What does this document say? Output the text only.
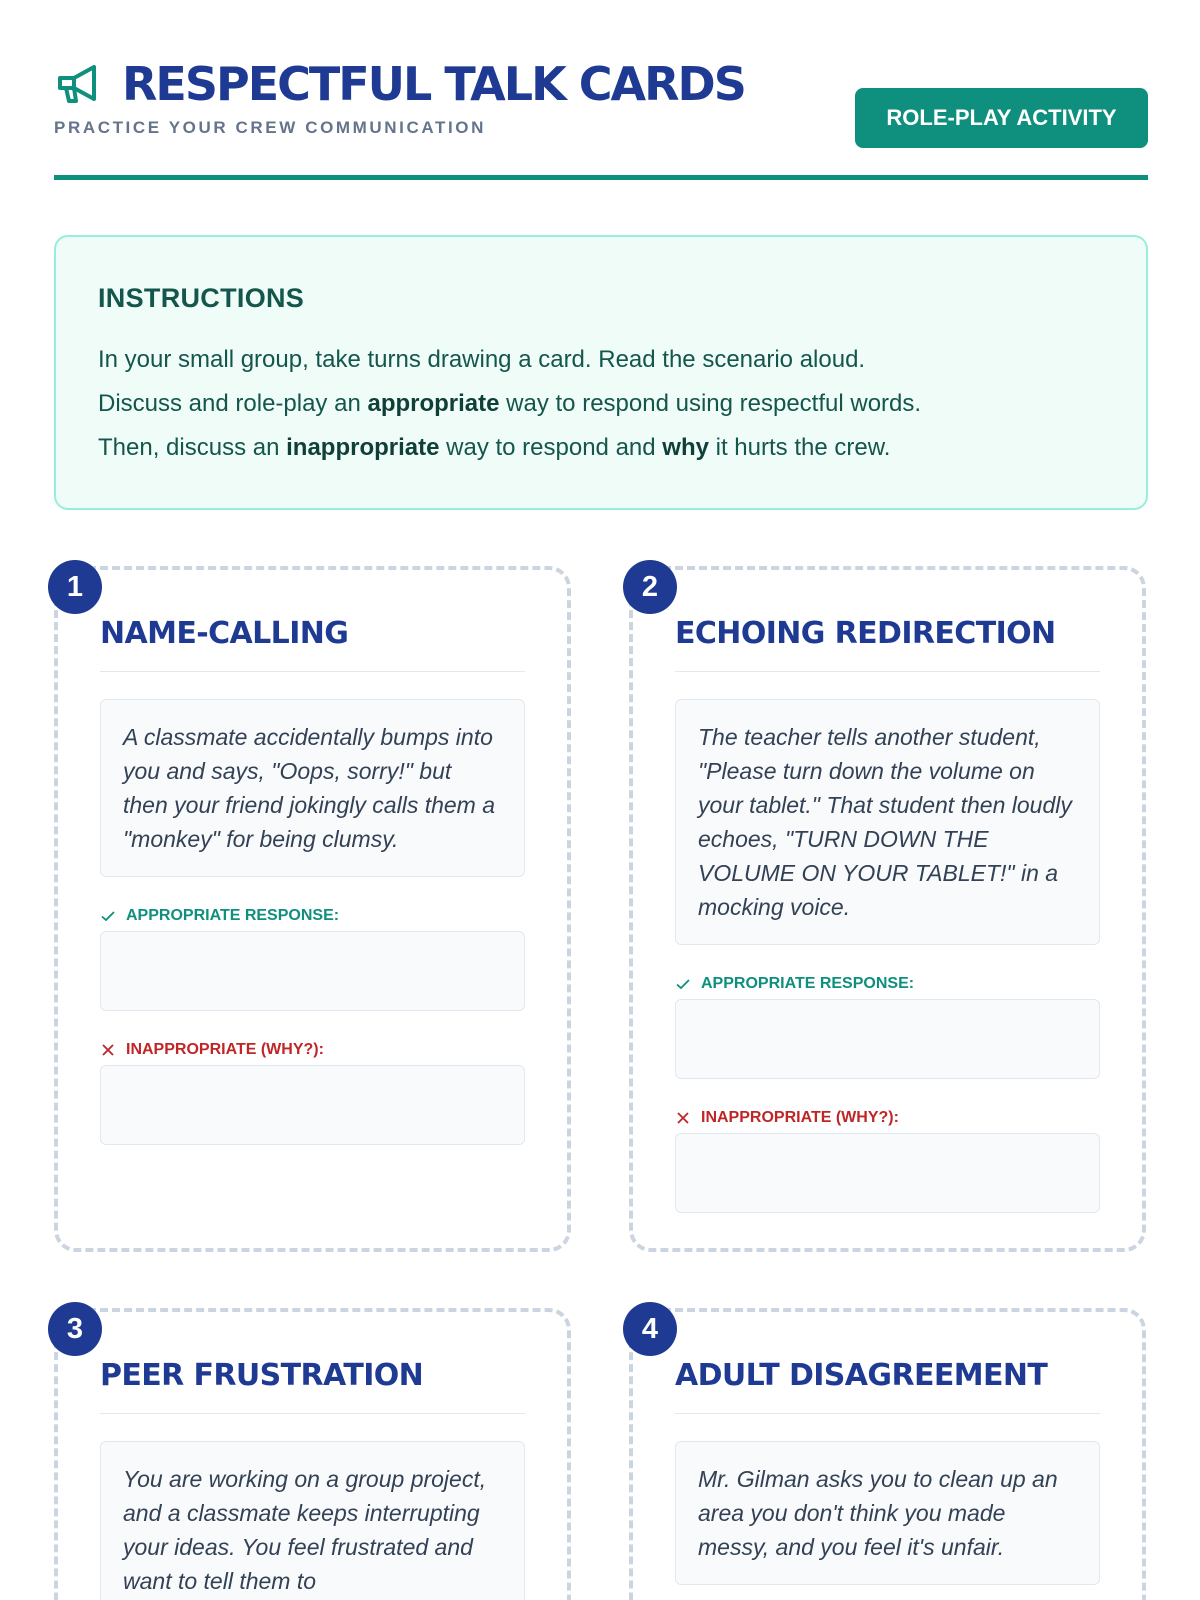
RESPECTFUL TALK CARDS
PRACTICE YOUR CREW COMMUNICATION	ROLE-PLAY ACTIVITY
INSTRUCTIONS
In your small group, take turns drawing a card. Read the scenario aloud.
Discuss and role-play an appropriate way to respond using respectful words.
Then, discuss an inappropriate way to respond and why it hurts the crew.
1
NAME-CALLING
A classmate accidentally bumps into you and says, "Oops, sorry!" but then your friend jokingly calls them a "monkey" for being clumsy.
APPROPRIATE RESPONSE:
INAPPROPRIATE (WHY?):
2
ECHOING REDIRECTION
The teacher tells another student, "Please turn down the volume on your tablet." That student then loudly echoes, "TURN DOWN THE VOLUME ON YOUR TABLET!" in a mocking voice.
APPROPRIATE RESPONSE:
INAPPROPRIATE (WHY?):
3
PEER FRUSTRATION
You are working on a group project, and a classmate keeps interrupting your ideas. You feel frustrated and want to tell them to
4
ADULT DISAGREEMENT
Mr. Gilman asks you to clean up an area you don't think you made messy, and you feel it's unfair.
